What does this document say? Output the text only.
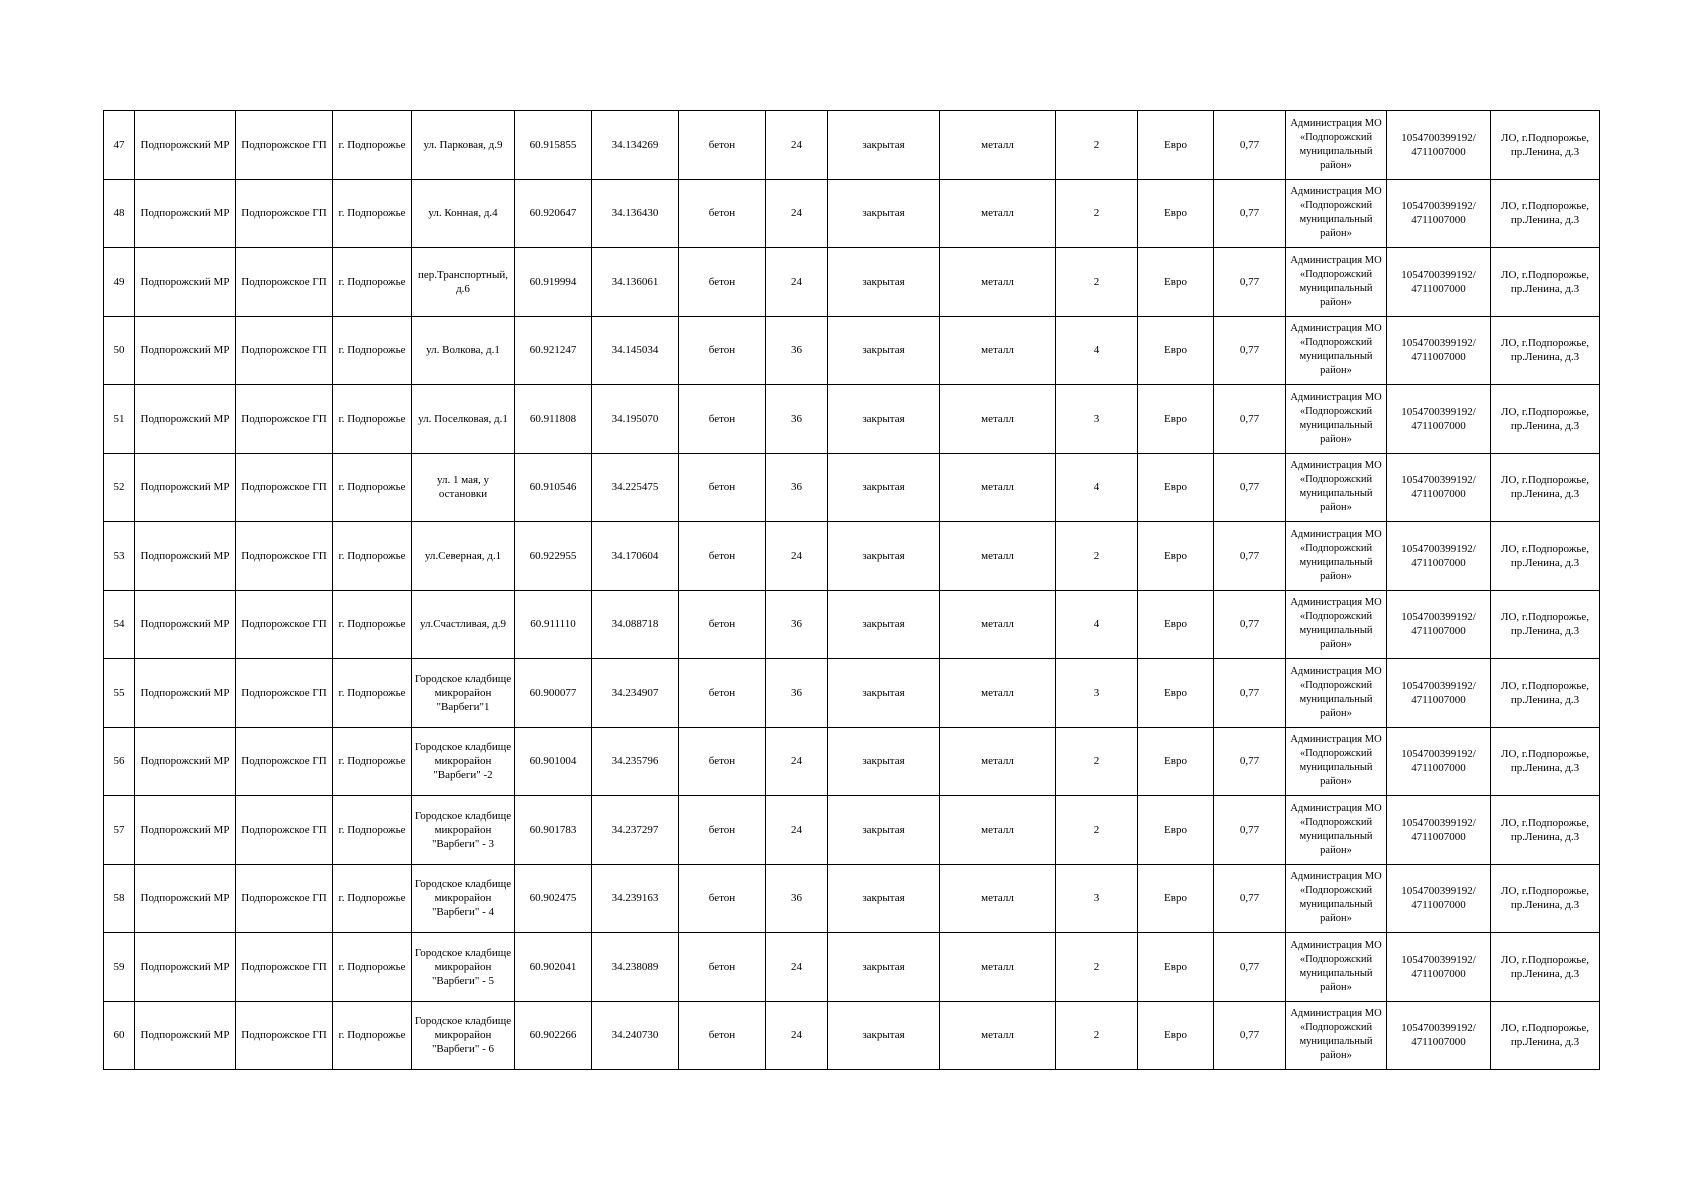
47	Подпорожский МР	Подпорожское ГП	г. Подпорожье	ул. Парковая, д.9	60.915855	34.134269	бетон	24	закрытая	металл	2	Евро	0,77	Администрация МО «Подпорожский муниципальный район»	1054700399192/ 4711007000	ЛО, г.Подпорожье, пр.Ленина, д.3
48	Подпорожский МР	Подпорожское ГП	г. Подпорожье	ул. Конная, д.4	60.920647	34.136430	бетон	24	закрытая	металл	2	Евро	0,77	Администрация МО «Подпорожский муниципальный район»	1054700399192/ 4711007000	ЛО, г.Подпорожье, пр.Ленина, д.3
49	Подпорожский МР	Подпорожское ГП	г. Подпорожье	пер.Транспортный, д.6	60.919994	34.136061	бетон	24	закрытая	металл	2	Евро	0,77	Администрация МО «Подпорожский муниципальный район»	1054700399192/ 4711007000	ЛО, г.Подпорожье, пр.Ленина, д.3
50	Подпорожский МР	Подпорожское ГП	г. Подпорожье	ул. Волкова, д.1	60.921247	34.145034	бетон	36	закрытая	металл	4	Евро	0,77	Администрация МО «Подпорожский муниципальный район»	1054700399192/ 4711007000	ЛО, г.Подпорожье, пр.Ленина, д.3
51	Подпорожский МР	Подпорожское ГП	г. Подпорожье	ул. Поселковая, д.1	60.911808	34.195070	бетон	36	закрытая	металл	3	Евро	0,77	Администрация МО «Подпорожский муниципальный район»	1054700399192/ 4711007000	ЛО, г.Подпорожье, пр.Ленина, д.3
52	Подпорожский МР	Подпорожское ГП	г. Подпорожье	ул. 1 мая, у остановки	60.910546	34.225475	бетон	36	закрытая	металл	4	Евро	0,77	Администрация МО «Подпорожский муниципальный район»	1054700399192/ 4711007000	ЛО, г.Подпорожье, пр.Ленина, д.3
53	Подпорожский МР	Подпорожское ГП	г. Подпорожье	ул.Северная, д.1	60.922955	34.170604	бетон	24	закрытая	металл	2	Евро	0,77	Администрация МО «Подпорожский муниципальный район»	1054700399192/ 4711007000	ЛО, г.Подпорожье, пр.Ленина, д.3
54	Подпорожский МР	Подпорожское ГП	г. Подпорожье	ул.Счастливая, д.9	60.911110	34.088718	бетон	36	закрытая	металл	4	Евро	0,77	Администрация МО «Подпорожский муниципальный район»	1054700399192/ 4711007000	ЛО, г.Подпорожье, пр.Ленина, д.3
55	Подпорожский МР	Подпорожское ГП	г. Подпорожье	Городское кладбище микрорайон "Варбеги"1	60.900077	34.234907	бетон	36	закрытая	металл	3	Евро	0,77	Администрация МО «Подпорожский муниципальный район»	1054700399192/ 4711007000	ЛО, г.Подпорожье, пр.Ленина, д.3
56	Подпорожский МР	Подпорожское ГП	г. Подпорожье	Городское кладбище микрорайон "Варбеги" -2	60.901004	34.235796	бетон	24	закрытая	металл	2	Евро	0,77	Администрация МО «Подпорожский муниципальный район»	1054700399192/ 4711007000	ЛО, г.Подпорожье, пр.Ленина, д.3
57	Подпорожский МР	Подпорожское ГП	г. Подпорожье	Городское кладбище микрорайон "Варбеги" - 3	60.901783	34.237297	бетон	24	закрытая	металл	2	Евро	0,77	Администрация МО «Подпорожский муниципальный район»	1054700399192/ 4711007000	ЛО, г.Подпорожье, пр.Ленина, д.3
58	Подпорожский МР	Подпорожское ГП	г. Подпорожье	Городское кладбище микрорайон "Варбеги" - 4	60.902475	34.239163	бетон	36	закрытая	металл	3	Евро	0,77	Администрация МО «Подпорожский муниципальный район»	1054700399192/ 4711007000	ЛО, г.Подпорожье, пр.Ленина, д.3
59	Подпорожский МР	Подпорожское ГП	г. Подпорожье	Городское кладбище микрорайон "Варбеги" - 5	60.902041	34.238089	бетон	24	закрытая	металл	2	Евро	0,77	Администрация МО «Подпорожский муниципальный район»	1054700399192/ 4711007000	ЛО, г.Подпорожье, пр.Ленина, д.3
60	Подпорожский МР	Подпорожское ГП	г. Подпорожье	Городское кладбище микрорайон "Варбеги" - 6	60.902266	34.240730	бетон	24	закрытая	металл	2	Евро	0,77	Администрация МО «Подпорожский муниципальный район»	1054700399192/ 4711007000	ЛО, г.Подпорожье, пр.Ленина, д.3
